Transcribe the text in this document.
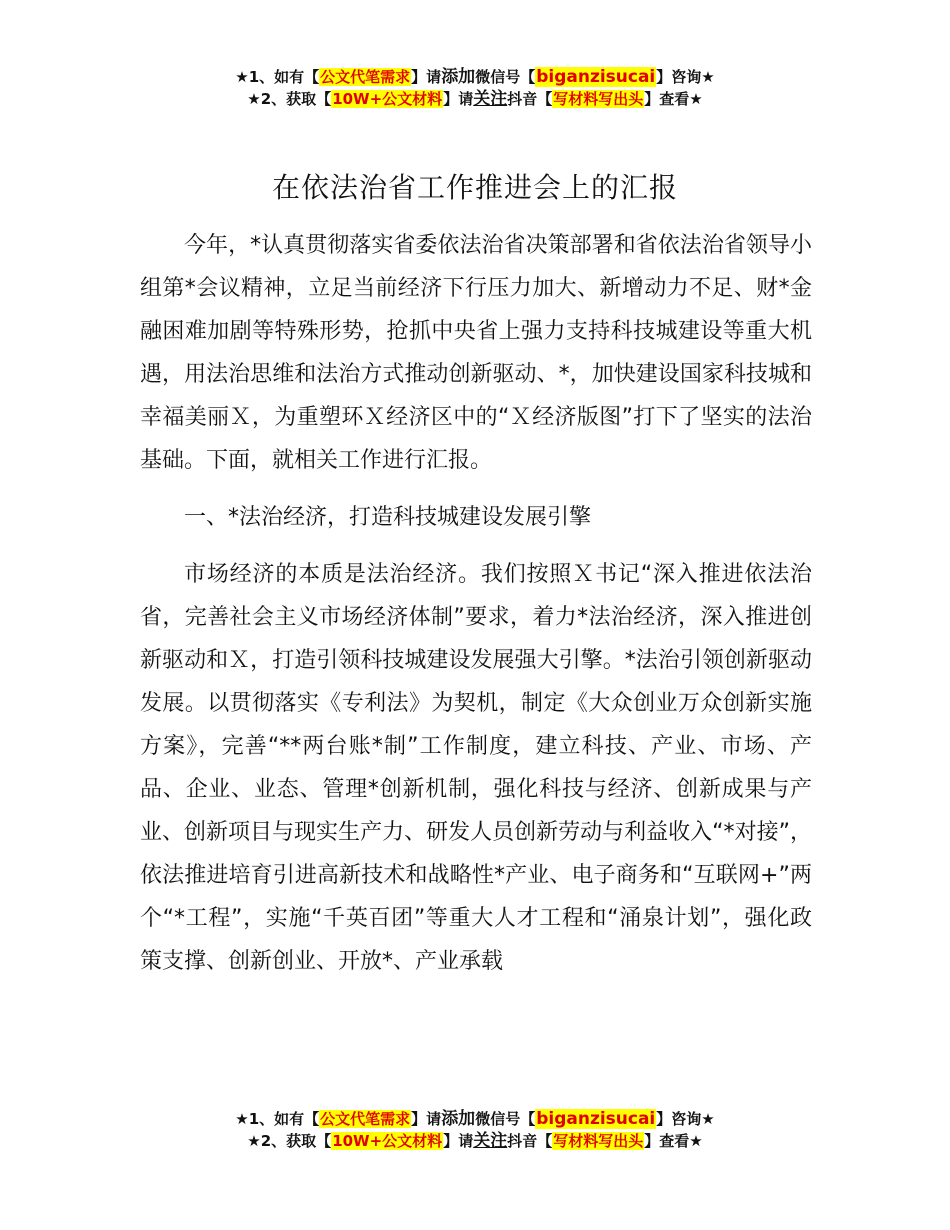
★1、如有【公文代笔需求】请添加微信号【biganzisucai】咨询★
★2、获取【10W+公文材料】请关注抖音【写材料写出头】查看★
在依法治省工作推进会上的汇报

今年，*认真贯彻落实省委依法治省决策部署和省依法治省领导小组第*会议精神，立足当前经济下行压力加大、新增动力不足、财*金融困难加剧等特殊形势，抢抓中央省上强力支持科技城建设等重大机遇，用法治思维和法治方式推动创新驱动、*，加快建设国家科技城和幸福美丽Ｘ，为重塑环Ｘ经济区中的“Ｘ经济版图”打下了坚实的法治基础。下面，就相关工作进行汇报。

一、*法治经济，打造科技城建设发展引擎

市场经济的本质是法治经济。我们按照Ｘ书记“深入推进依法治省，完善社会主义市场经济体制”要求，着力*法治经济，深入推进创新驱动和Ｘ，打造引领科技城建设发展强大引擎。*法治引领创新驱动发展。以贯彻落实《专利法》为契机，制定《大众创业万众创新实施方案》，完善“**两台账*制”工作制度，建立科技、产业、市场、产品、企业、业态、管理*创新机制，强化科技与经济、创新成果与产业、创新项目与现实生产力、研发人员创新劳动与利益收入“*对接”，依法推进培育引进高新技术和战略性*产业、电子商务和“互联网+”两个“*工程”，实施“千英百团”等重大人才工程和“涌泉计划”，强化政策支撑、创新创业、开放*、产业承载

★1、如有【公文代笔需求】请添加微信号【biganzisucai】咨询★
★2、获取【10W+公文材料】请关注抖音【写材料写出头】查看★
